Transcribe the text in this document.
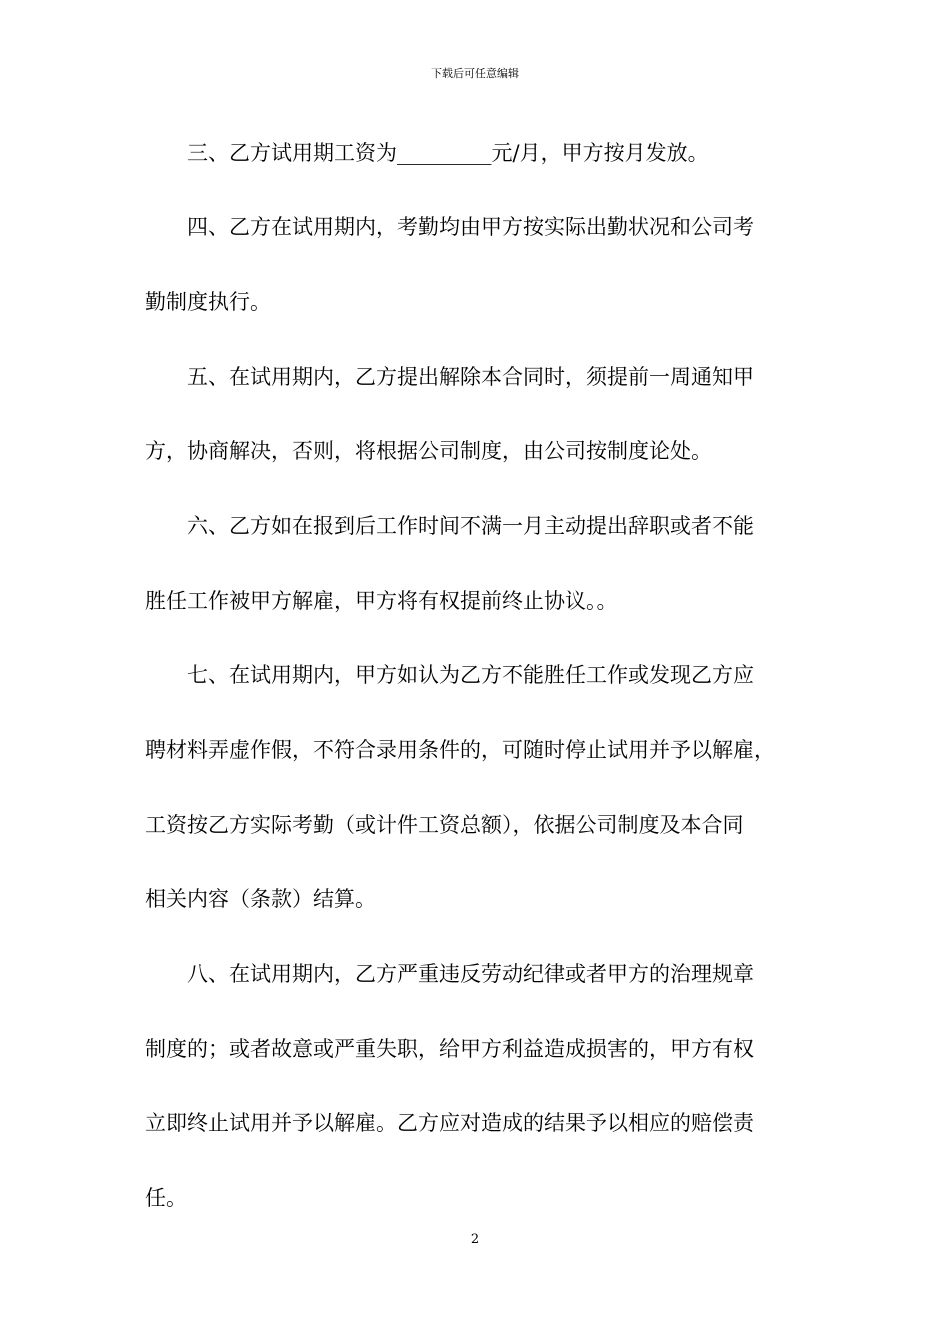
下载后可任意编辑
　　三、乙方试用期工资为_________元/月，甲方按月发放。
　　四、乙方在试用期内，考勤均由甲方按实际出勤状况和公司考
勤制度执行。
　　五、在试用期内，乙方提出解除本合同时，须提前一周通知甲
方，协商解决，否则，将根据公司制度，由公司按制度论处。
　　六、乙方如在报到后工作时间不满一月主动提出辞职或者不能
胜任工作被甲方解雇，甲方将有权提前终止协议。。
　　七、在试用期内，甲方如认为乙方不能胜任工作或发现乙方应
聘材料弄虚作假，不符合录用条件的，可随时停止试用并予以解雇，
工资按乙方实际考勤（或计件工资总额），依据公司制度及本合同
相关内容（条款）结算。
　　八、在试用期内，乙方严重违反劳动纪律或者甲方的治理规章
制度的；或者故意或严重失职，给甲方利益造成损害的，甲方有权
立即终止试用并予以解雇。乙方应对造成的结果予以相应的赔偿责
任。
2
